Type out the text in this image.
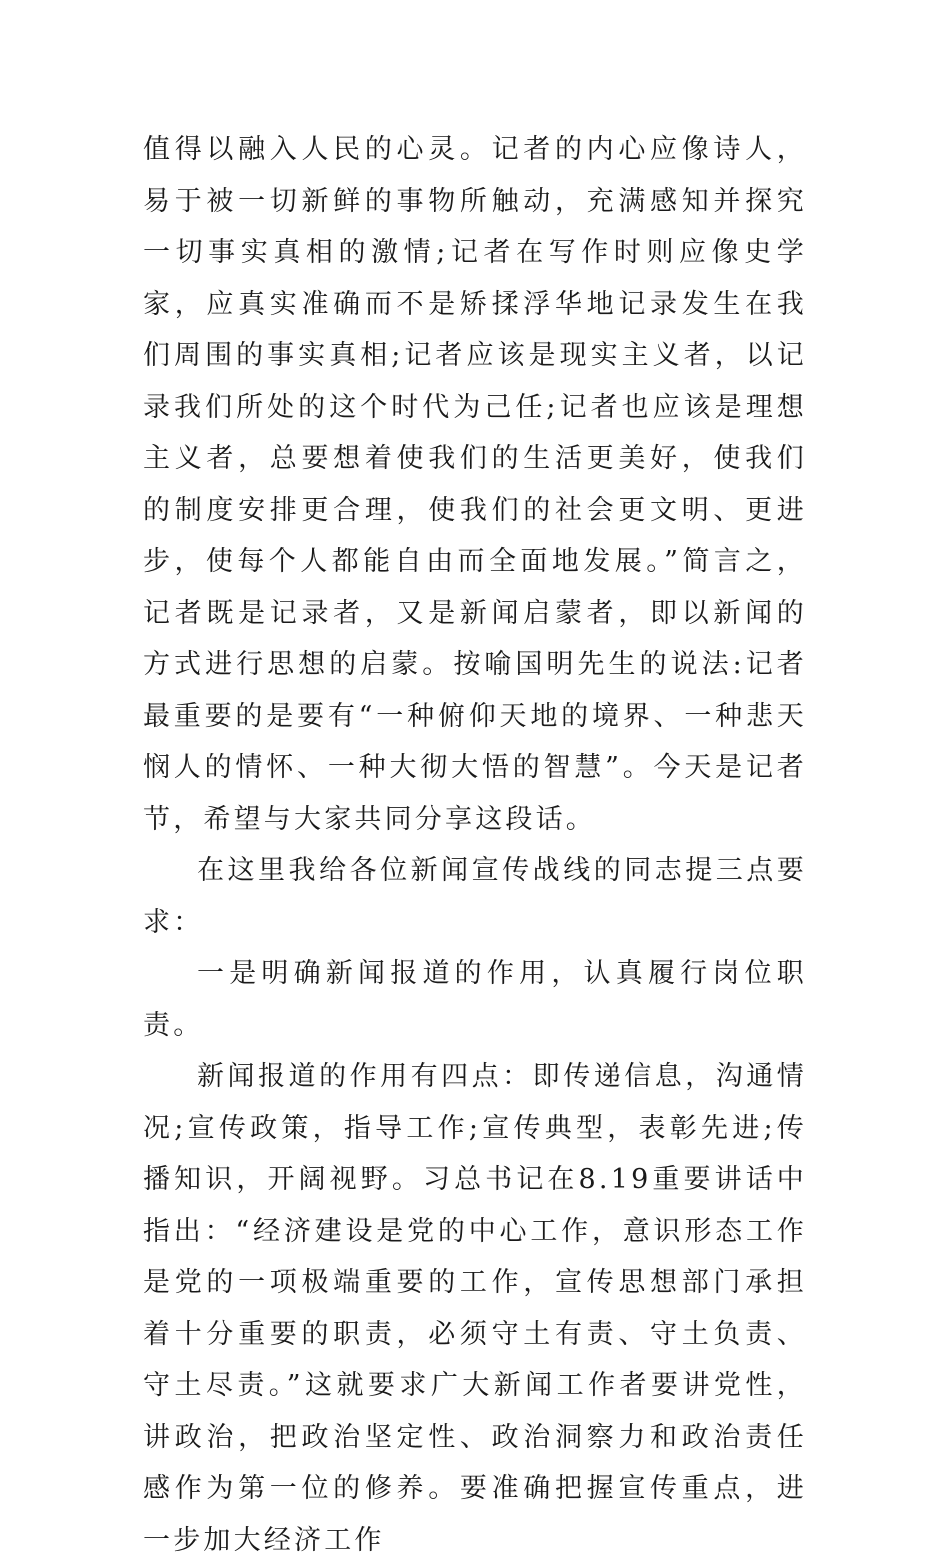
值得以融入人民的心灵。记者的内心应像诗人，易于被一切新鲜的事物所触动，充满感知并探究一切事实真相的激情;记者在写作时则应像史学家，应真实准确而不是矫揉浮华地记录发生在我们周围的事实真相;记者应该是现实主义者，以记录我们所处的这个时代为己任;记者也应该是理想主义者，总要想着使我们的生活更美好，使我们的制度安排更合理，使我们的社会更文明、更进步，使每个人都能自由而全面地发展。”简言之，记者既是记录者，又是新闻启蒙者，即以新闻的方式进行思想的启蒙。按喻国明先生的说法:记者最重要的是要有“一种俯仰天地的境界、一种悲天悯人的情怀、一种大彻大悟的智慧”。今天是记者节，希望与大家共同分享这段话。

在这里我给各位新闻宣传战线的同志提三点要求：

一是明确新闻报道的作用，认真履行岗位职责。

新闻报道的作用有四点：即传递信息，沟通情况;宣传政策，指导工作;宣传典型，表彰先进;传播知识，开阔视野。习总书记在8.19重要讲话中指出：“经济建设是党的中心工作，意识形态工作是党的一项极端重要的工作，宣传思想部门承担着十分重要的职责，必须守土有责、守土负责、守土尽责。”这就要求广大新闻工作者要讲党性，讲政治，把政治坚定性、政治洞察力和政治责任感作为第一位的修养。要准确把握宣传重点，进一步加大经济工作
